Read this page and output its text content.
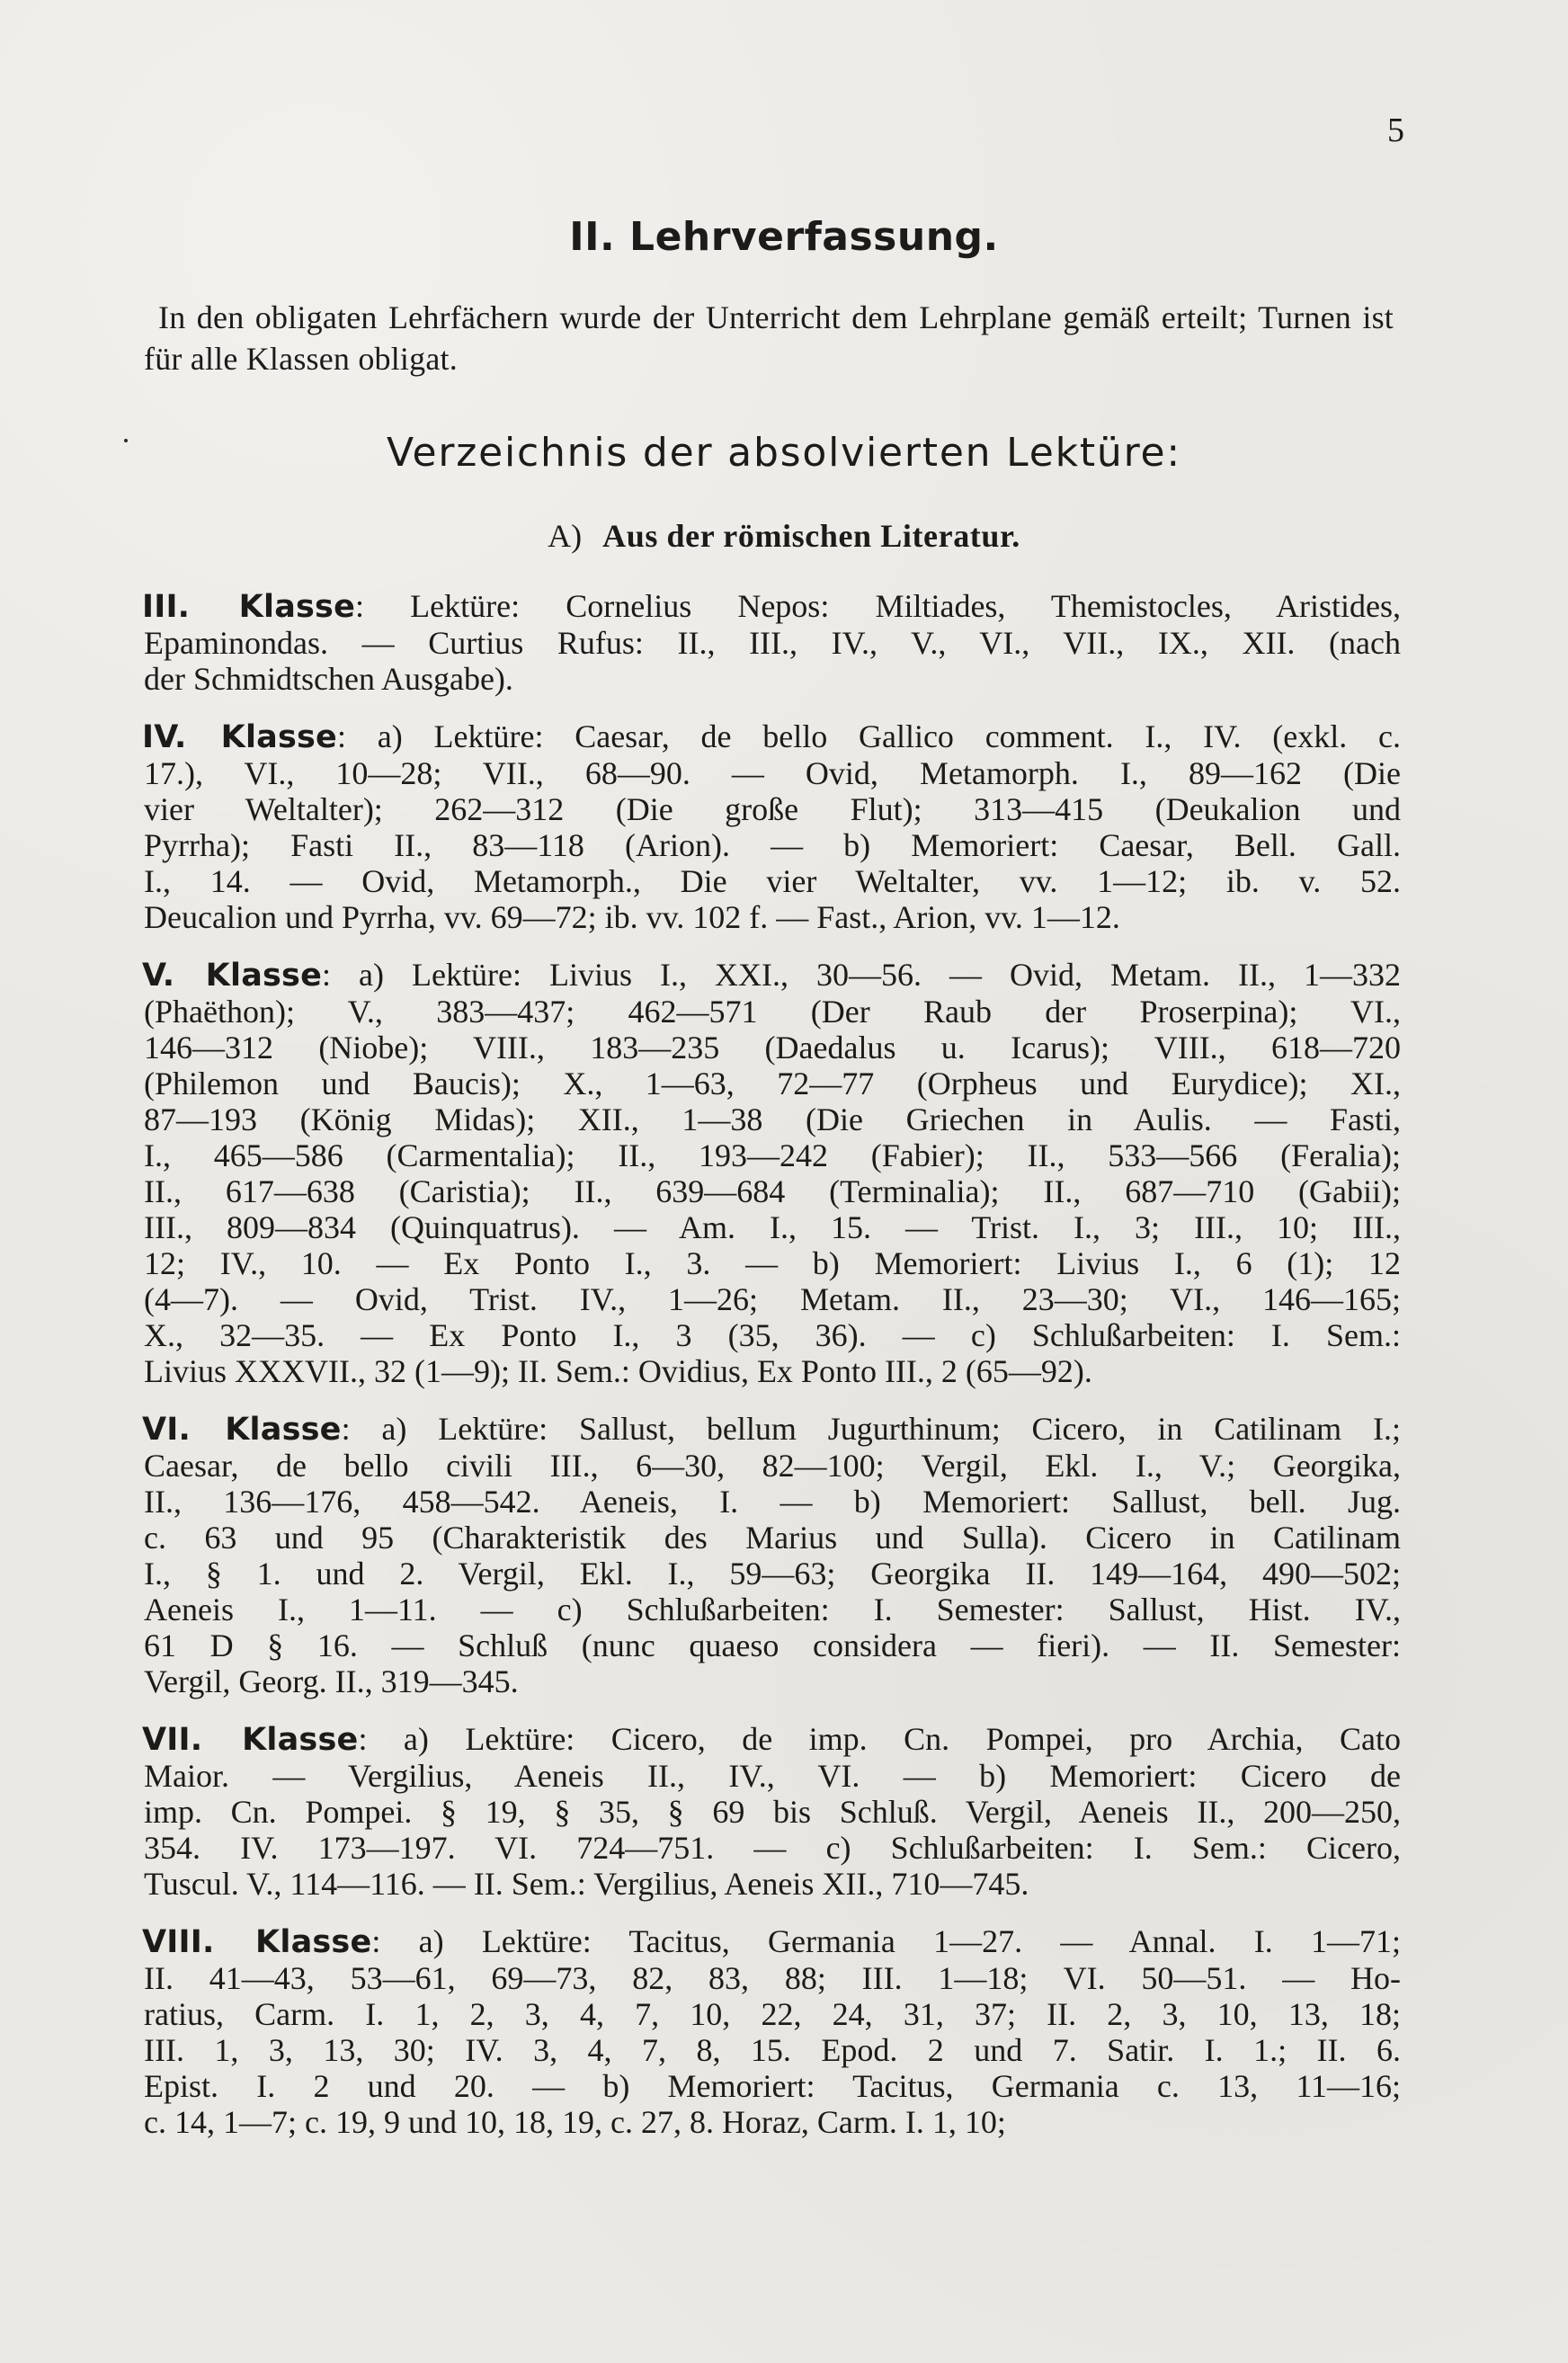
5
II. Lehrverfassung.
In den obligaten Lehrfächern wurde der Unterricht dem Lehrplane gemäß erteilt; Turnen ist für alle Klassen obligat.
Verzeichnis der absolvierten Lektüre:
A) Aus der römischen Literatur.
III. Klasse: Lektüre: Cornelius Nepos: Miltiades, Themistocles, Aristides,
Epaminondas. — Curtius Rufus: II., III., IV., V., VI., VII., IX., XII. (nach
der Schmidtschen Ausgabe).
IV. Klasse: a) Lektüre: Caesar, de bello Gallico comment. I., IV. (exkl. c.
17.), VI., 10—28; VII., 68—90. — Ovid, Metamorph. I., 89—162 (Die
vier Weltalter); 262—312 (Die große Flut); 313—415 (Deukalion und
Pyrrha); Fasti II., 83—118 (Arion). — b) Memoriert: Caesar, Bell. Gall.
I., 14. — Ovid, Metamorph., Die vier Weltalter, vv. 1—12; ib. v. 52.
Deucalion und Pyrrha, vv. 69—72; ib. vv. 102 f. — Fast., Arion, vv. 1—12.
V. Klasse: a) Lektüre: Livius I., XXI., 30—56. — Ovid, Metam. II., 1—332
(Phaëthon); V., 383—437; 462—571 (Der Raub der Proserpina); VI.,
146—312 (Niobe); VIII., 183—235 (Daedalus u. Icarus); VIII., 618—720
(Philemon und Baucis); X., 1—63, 72—77 (Orpheus und Eurydice); XI.,
87—193 (König Midas); XII., 1—38 (Die Griechen in Aulis. — Fasti,
I., 465—586 (Carmentalia); II., 193—242 (Fabier); II., 533—566 (Feralia);
II., 617—638 (Caristia); II., 639—684 (Terminalia); II., 687—710 (Gabii);
III., 809—834 (Quinquatrus). — Am. I., 15. — Trist. I., 3; III., 10; III.,
12; IV., 10. — Ex Ponto I., 3. — b) Memoriert: Livius I., 6 (1); 12
(4—7). — Ovid, Trist. IV., 1—26; Metam. II., 23—30; VI., 146—165;
X., 32—35. — Ex Ponto I., 3 (35, 36). — c) Schlußarbeiten: I. Sem.:
Livius XXXVII., 32 (1—9); II. Sem.: Ovidius, Ex Ponto III., 2 (65—92).
VI. Klasse: a) Lektüre: Sallust, bellum Jugurthinum; Cicero, in Catilinam I.;
Caesar, de bello civili III., 6—30, 82—100; Vergil, Ekl. I., V.; Georgika,
II., 136—176, 458—542. Aeneis, I. — b) Memoriert: Sallust, bell. Jug.
c. 63 und 95 (Charakteristik des Marius und Sulla). Cicero in Catilinam
I., § 1. und 2. Vergil, Ekl. I., 59—63; Georgika II. 149—164, 490—502;
Aeneis I., 1—11. — c) Schlußarbeiten: I. Semester: Sallust, Hist. IV.,
61 D § 16. — Schluß (nunc quaeso considera — fieri). — II. Semester:
Vergil, Georg. II., 319—345.
VII. Klasse: a) Lektüre: Cicero, de imp. Cn. Pompei, pro Archia, Cato
Maior. — Vergilius, Aeneis II., IV., VI. — b) Memoriert: Cicero de
imp. Cn. Pompei. § 19, § 35, § 69 bis Schluß. Vergil, Aeneis II., 200—250,
354. IV. 173—197. VI. 724—751. — c) Schlußarbeiten: I. Sem.: Cicero,
Tuscul. V., 114—116. — II. Sem.: Vergilius, Aeneis XII., 710—745.
VIII. Klasse: a) Lektüre: Tacitus, Germania 1—27. — Annal. I. 1—71;
II. 41—43, 53—61, 69—73, 82, 83, 88; III. 1—18; VI. 50—51. — Ho-
ratius, Carm. I. 1, 2, 3, 4, 7, 10, 22, 24, 31, 37; II. 2, 3, 10, 13, 18;
III. 1, 3, 13, 30; IV. 3, 4, 7, 8, 15. Epod. 2 und 7. Satir. I. 1.; II. 6.
Epist. I. 2 und 20. — b) Memoriert: Tacitus, Germania c. 13, 11—16;
c. 14, 1—7; c. 19, 9 und 10, 18, 19, c. 27, 8. Horaz, Carm. I. 1, 10;
